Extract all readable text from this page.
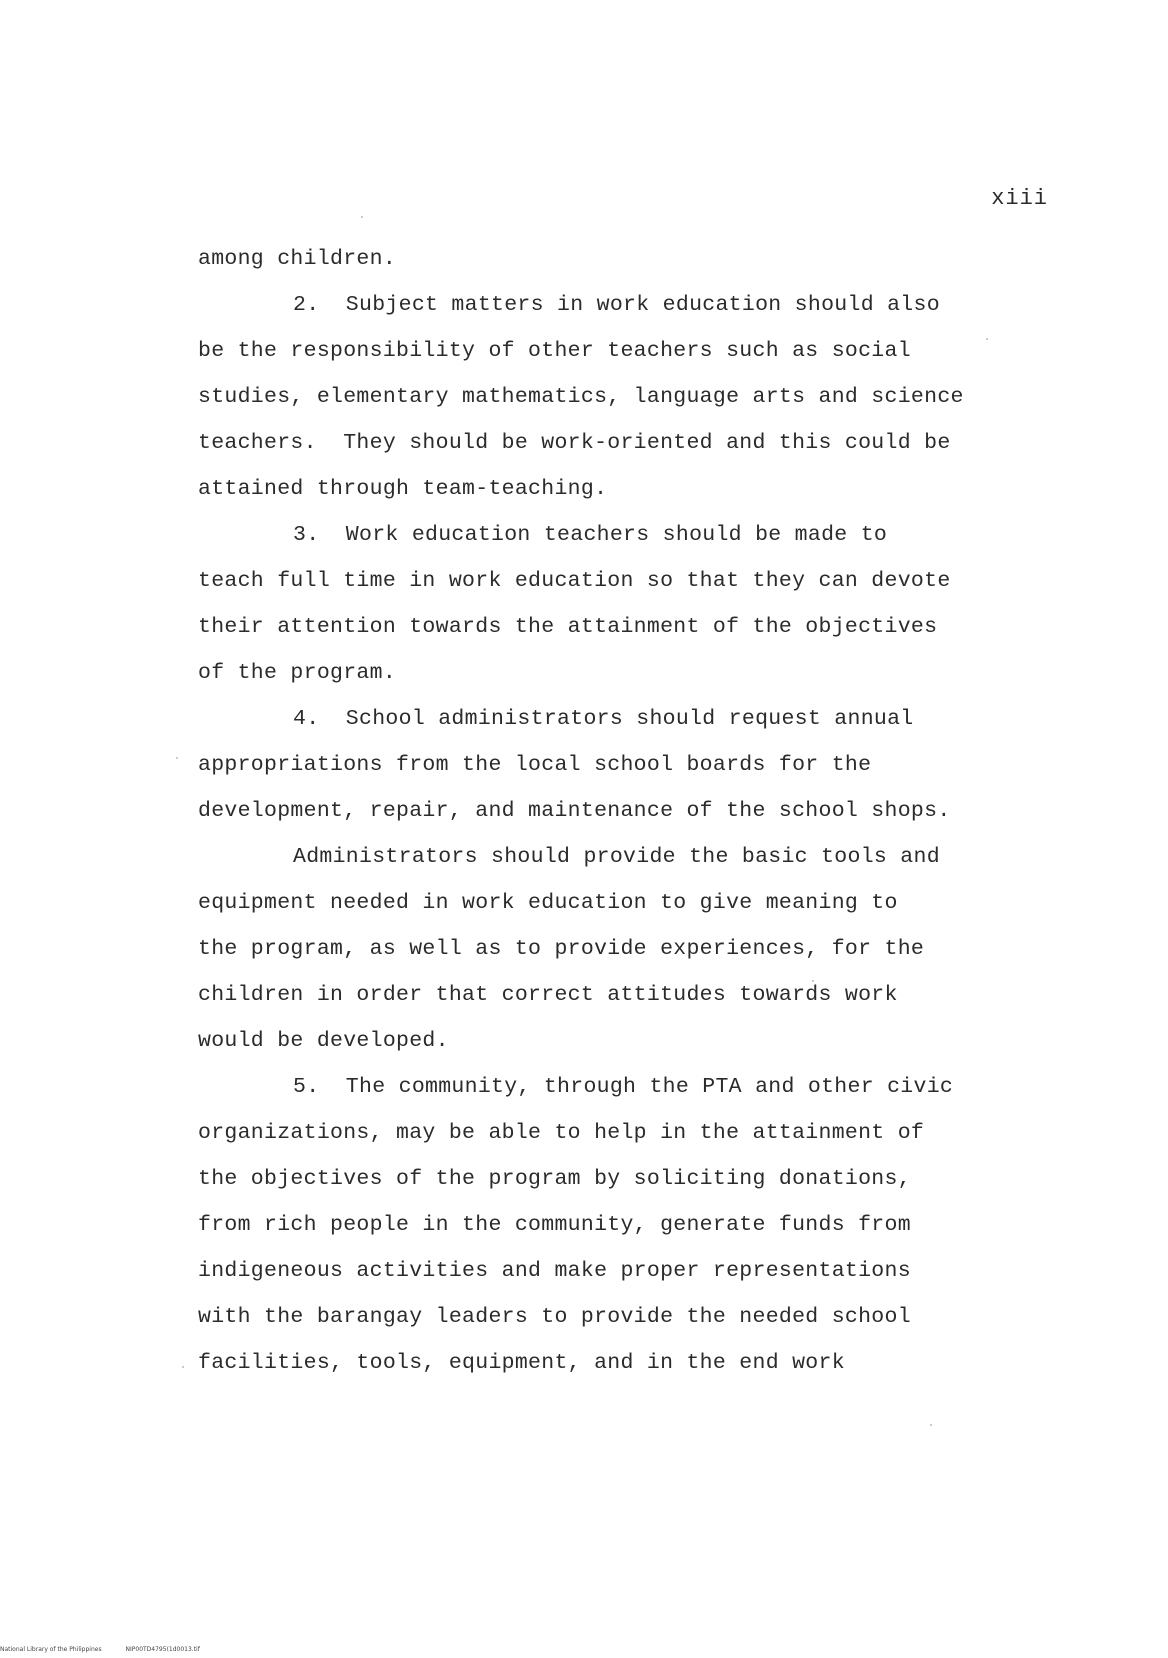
xiii
among children.
2.  Subject matters in work education should also
be the responsibility of other teachers such as social
studies, elementary mathematics, language arts and science
teachers.  They should be work-oriented and this could be
attained through team-teaching.
3.  Work education teachers should be made to
teach full time in work education so that they can devote
their attention towards the attainment of the objectives
of the program.
4.  School administrators should request annual
appropriations from the local school boards for the
development, repair, and maintenance of the school shops.
Administrators should provide the basic tools and
equipment needed in work education to give meaning to
the program, as well as to provide experiences, for the
children in order that correct attitudes towards work
would be developed.
5.  The community, through the PTA and other civic
organizations, may be able to help in the attainment of
the objectives of the program by soliciting donations,
from rich people in the community, generate funds from
indigeneous activities and make proper representations
with the barangay leaders to provide the needed school
facilities, tools, equipment, and in the end work
National Library of the Philippines	NIP00TD4795(1d0013.tif
